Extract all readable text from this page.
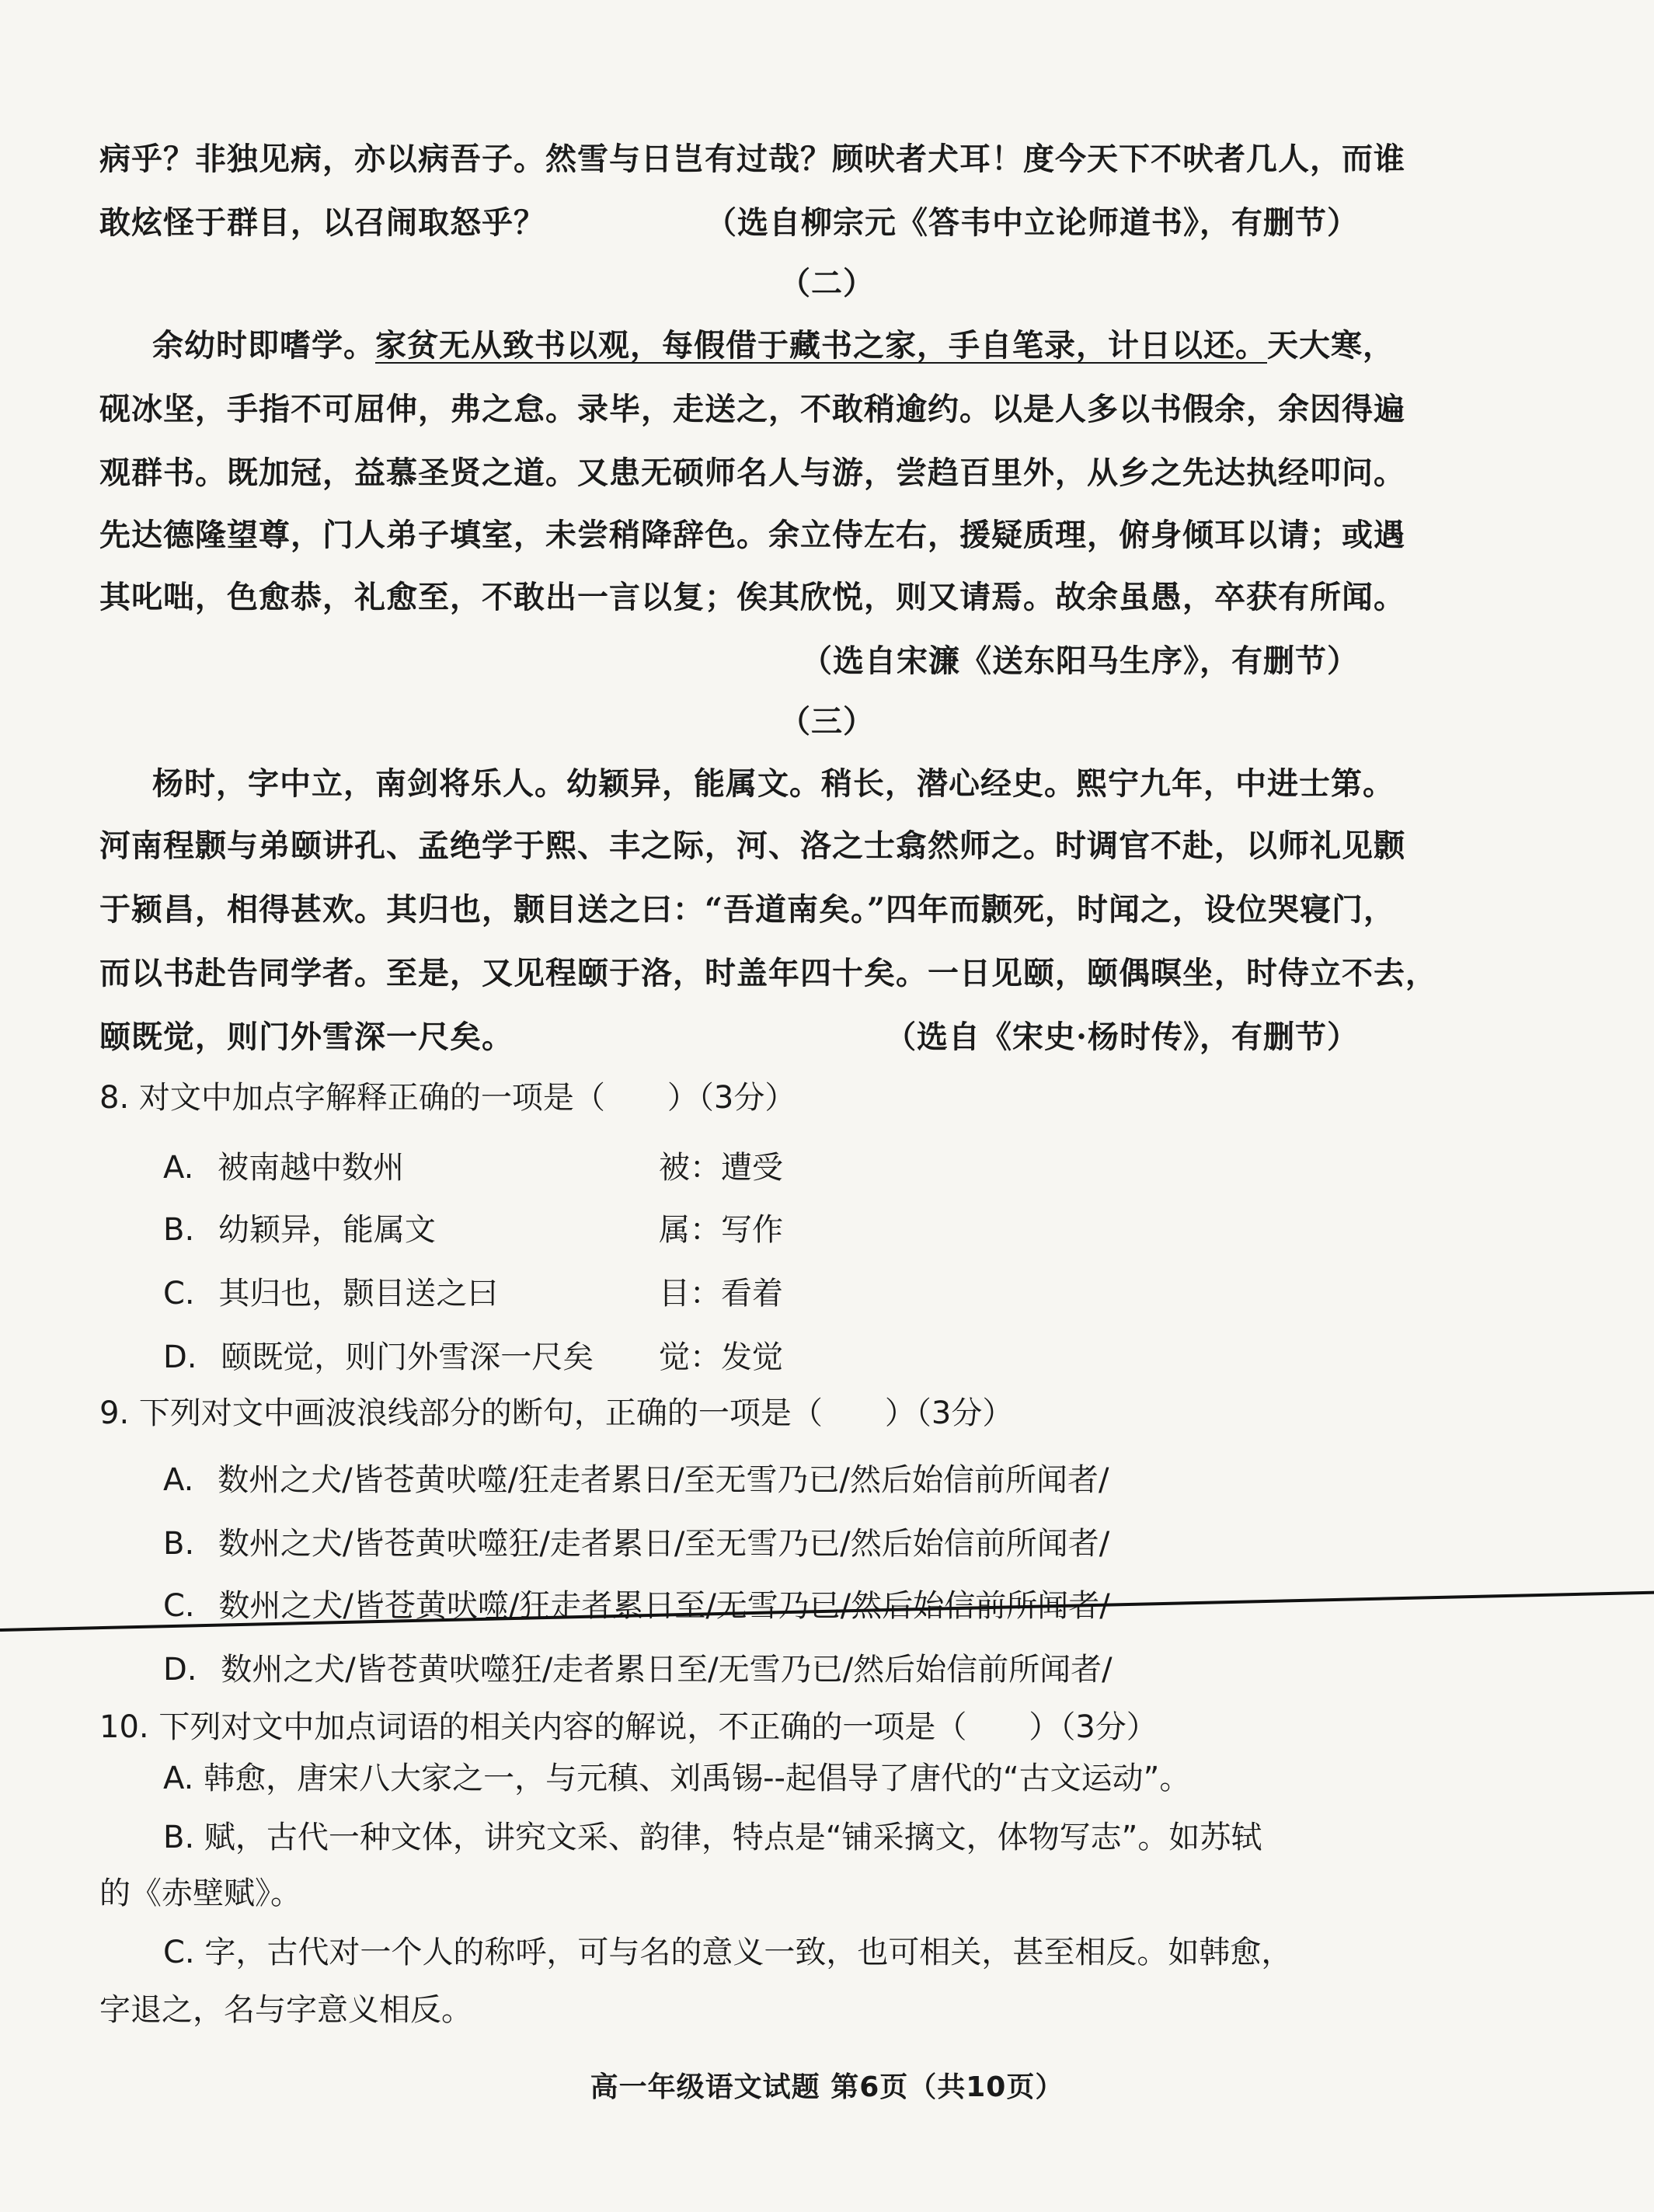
病乎？非独见病，亦以病吾子。然雪与日岂有过哉？顾吠者犬耳！度今天下不吠者几人，而谁
敢炫怪于群目，以召闹取怒乎？	（选自柳宗元《答韦中立论师道书》，有删节）
（二）
余幼时即嗜学。家贫无从致书以观，每假借于藏书之家，手自笔录，计日以还。天大寒，
砚冰坚，手指不可屈伸，弗之怠。录毕，走送之，不敢稍逾约。以是人多以书假余，余因得遍
观群书。既加冠，益慕圣贤之道。又患无硕师名人与游，尝趋百里外，从乡之先达执经叩问。
先达德隆望尊，门人弟子填室，未尝稍降辞色。余立侍左右，援疑质理，俯身倾耳以请；或遇
其叱咄，色愈恭，礼愈至，不敢出一言以复；俟其欣悦，则又请焉。故余虽愚，卒获有所闻。
（选自宋濂《送东阳马生序》，有删节）
（三）
杨时，字中立，南剑将乐人。幼颖异，能属文。稍长，潜心经史。熙宁九年，中进士第。
河南程颢与弟颐讲孔、孟绝学于熙、丰之际，河、洛之士翕然师之。时调官不赴，以师礼见颢
于颍昌，相得甚欢。其归也，颢目送之曰：“吾道南矣。”四年而颢死，时闻之，设位哭寝门，
而以书赴告同学者。至是，又见程颐于洛，时盖年四十矣。一日见颐，颐偶暝坐，时侍立不去，
颐既觉，则门外雪深一尺矣。	（选自《宋史·杨时传》，有删节）
8. 对文中加点字解释正确的一项是（　　）（3分）
A. 被南越中数州	被：遭受
B. 幼颖异，能属文	属：写作
C. 其归也，颢目送之曰	目：看着
D. 颐既觉，则门外雪深一尺矣 觉：发觉
9. 下列对文中画波浪线部分的断句，正确的一项是（　　）（3分）
A. 数州之犬/皆苍黄吠噬/狂走者累日/至无雪乃已/然后始信前所闻者/
B. 数州之犬/皆苍黄吠噬狂/走者累日/至无雪乃已/然后始信前所闻者/
C. 数州之犬/皆苍黄吠噬/狂走者累日至/无雪乃已/然后始信前所闻者/
D. 数州之犬/皆苍黄吠噬狂/走者累日至/无雪乃已/然后始信前所闻者/
10. 下列对文中加点词语的相关内容的解说，不正确的一项是（　　）（3分）
A. 韩愈，唐宋八大家之一，与元稹、刘禹锡--起倡导了唐代的“古文运动”。
B. 赋，古代一种文体，讲究文采、韵律，特点是“铺采摛文，体物写志”。如苏轼
的《赤壁赋》。
C. 字，古代对一个人的称呼，可与名的意义一致，也可相关，甚至相反。如韩愈，
字退之，名与字意义相反。
高一年级语文试题 第6页（共10页）
